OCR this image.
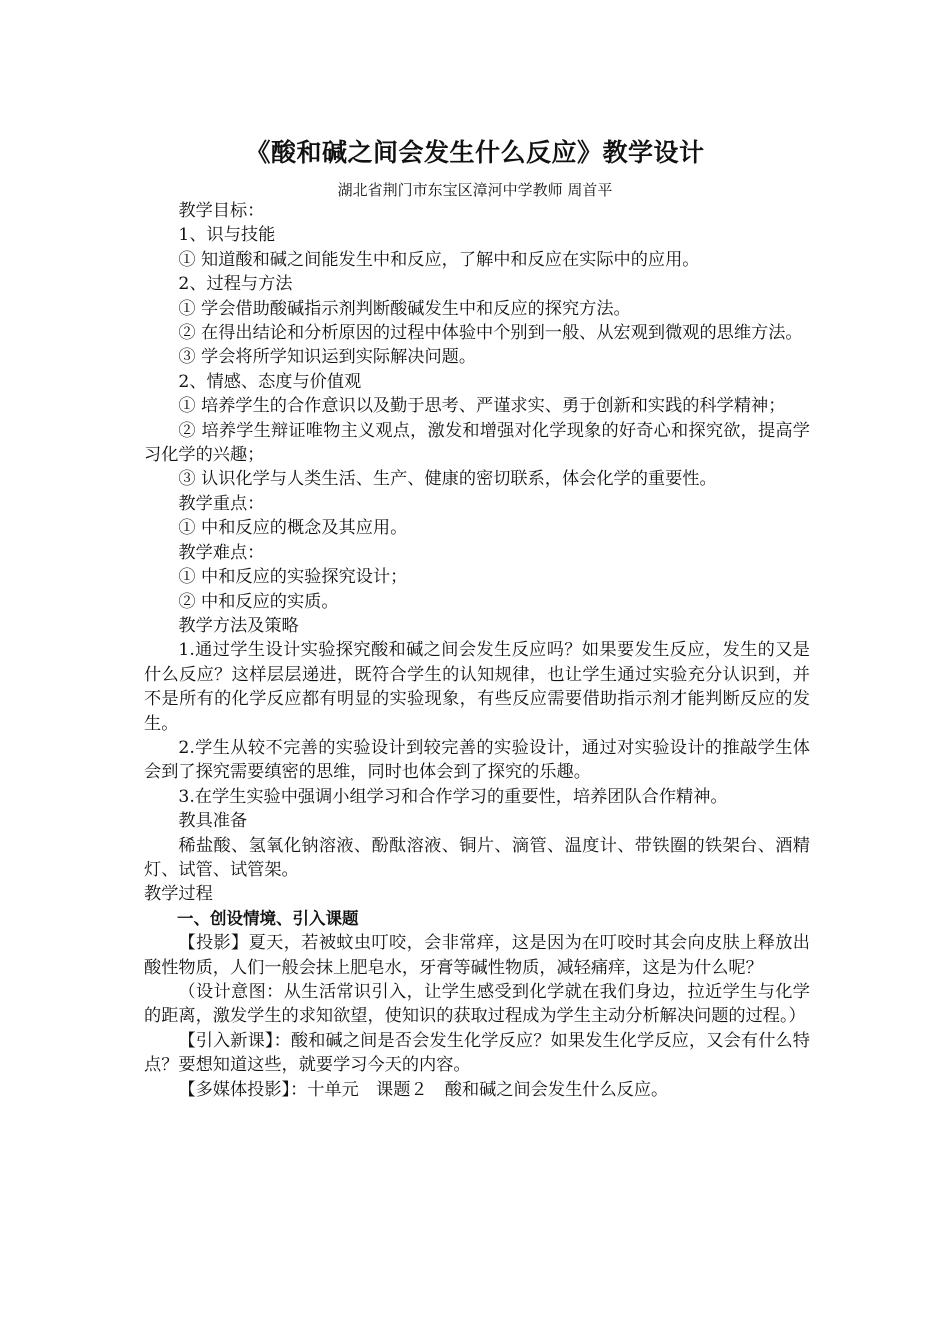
《酸和碱之间会发生什么反应》教学设计
湖北省荆门市东宝区漳河中学教师 周首平

教学目标：

1、识与技能

① 知道酸和碱之间能发生中和反应，了解中和反应在实际中的应用。

2、过程与方法

① 学会借助酸碱指示剂判断酸碱发生中和反应的探究方法。

② 在得出结论和分析原因的过程中体验中个别到一般、从宏观到微观的思维方法。

③ 学会将所学知识运到实际解决问题。

2、情感、态度与价值观

① 培养学生的合作意识以及勤于思考、严谨求实、勇于创新和实践的科学精神；

② 培养学生辩证唯物主义观点，激发和增强对化学现象的好奇心和探究欲，提高学习化学的兴趣；

③ 认识化学与人类生活、生产、健康的密切联系，体会化学的重要性。

教学重点：

① 中和反应的概念及其应用。

教学难点：

① 中和反应的实验探究设计；

② 中和反应的实质。

教学方法及策略

1.通过学生设计实验探究酸和碱之间会发生反应吗？如果要发生反应，发生的又是什么反应？这样层层递进，既符合学生的认知规律，也让学生通过实验充分认识到，并不是所有的化学反应都有明显的实验现象，有些反应需要借助指示剂才能判断反应的发生。

2.学生从较不完善的实验设计到较完善的实验设计，通过对实验设计的推敲学生体会到了探究需要缜密的思维，同时也体会到了探究的乐趣。

3.在学生实验中强调小组学习和合作学习的重要性，培养团队合作精神。

教具准备

稀盐酸、氢氧化钠溶液、酚酞溶液、铜片、滴管、温度计、带铁圈的铁架台、酒精灯、试管、试管架。

教学过程

一、创设情境、引入课题

【投影】夏天，若被蚊虫叮咬，会非常痒，这是因为在叮咬时其会向皮肤上释放出酸性物质，人们一般会抹上肥皂水，牙膏等碱性物质，减轻痛痒，这是为什么呢？

（设计意图：从生活常识引入，让学生感受到化学就在我们身边，拉近学生与化学的距离，激发学生的求知欲望，使知识的获取过程成为学生主动分析解决问题的过程。）

【引入新课】：酸和碱之间是否会发生化学反应？如果发生化学反应，又会有什么特点？要想知道这些，就要学习今天的内容。

【多媒体投影】：十单元　课题２　酸和碱之间会发生什么反应。
